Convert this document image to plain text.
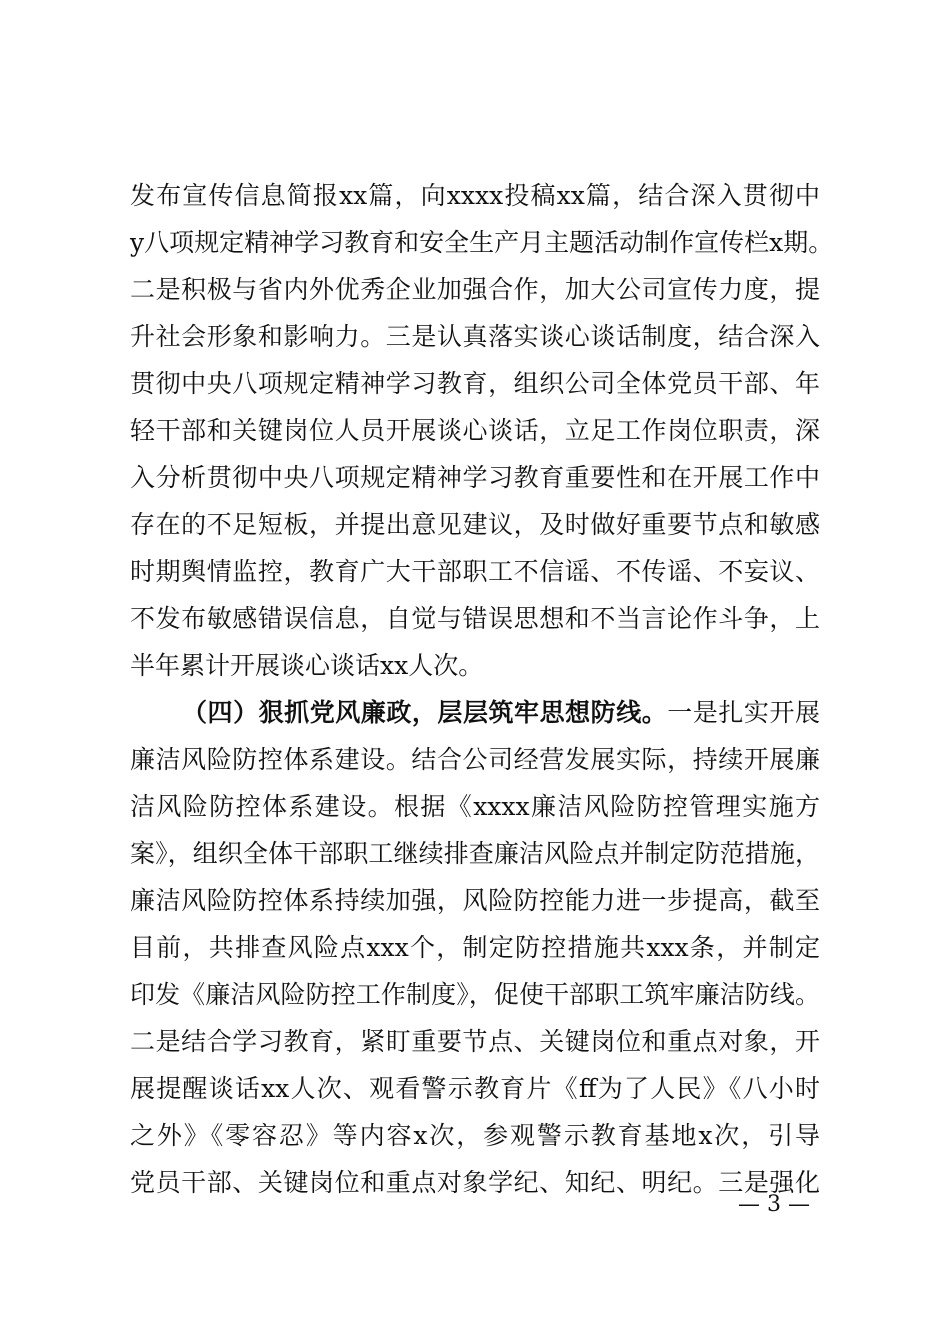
发布宣传信息简报xx篇，向xxxx投稿xx篇，结合深入贯彻中
y八项规定精神学习教育和安全生产月主题活动制作宣传栏x期。
二是积极与省内外优秀企业加强合作，加大公司宣传力度，提
升社会形象和影响力。三是认真落实谈心谈话制度，结合深入
贯彻中央八项规定精神学习教育，组织公司全体党员干部、年
轻干部和关键岗位人员开展谈心谈话，立足工作岗位职责，深
入分析贯彻中央八项规定精神学习教育重要性和在开展工作中
存在的不足短板，并提出意见建议，及时做好重要节点和敏感
时期舆情监控，教育广大干部职工不信谣、不传谣、不妄议、
不发布敏感错误信息，自觉与错误思想和不当言论作斗争，上
半年累计开展谈心谈话xx人次。
（四）狠抓党风廉政，层层筑牢思想防线。一是扎实开展
廉洁风险防控体系建设。结合公司经营发展实际，持续开展廉
洁风险防控体系建设。根据《xxxx廉洁风险防控管理实施方
案》，组织全体干部职工继续排查廉洁风险点并制定防范措施，
廉洁风险防控体系持续加强，风险防控能力进一步提高，截至
目前，共排查风险点xxx个，制定防控措施共xxx条，并制定
印发《廉洁风险防控工作制度》，促使干部职工筑牢廉洁防线。
二是结合学习教育，紧盯重要节点、关键岗位和重点对象，开
展提醒谈话xx人次、观看警示教育片《ff为了人民》《八小时
之外》《零容忍》等内容x次，参观警示教育基地x次，引导
党员干部、关键岗位和重点对象学纪、知纪、明纪。三是强化
— 3 —
